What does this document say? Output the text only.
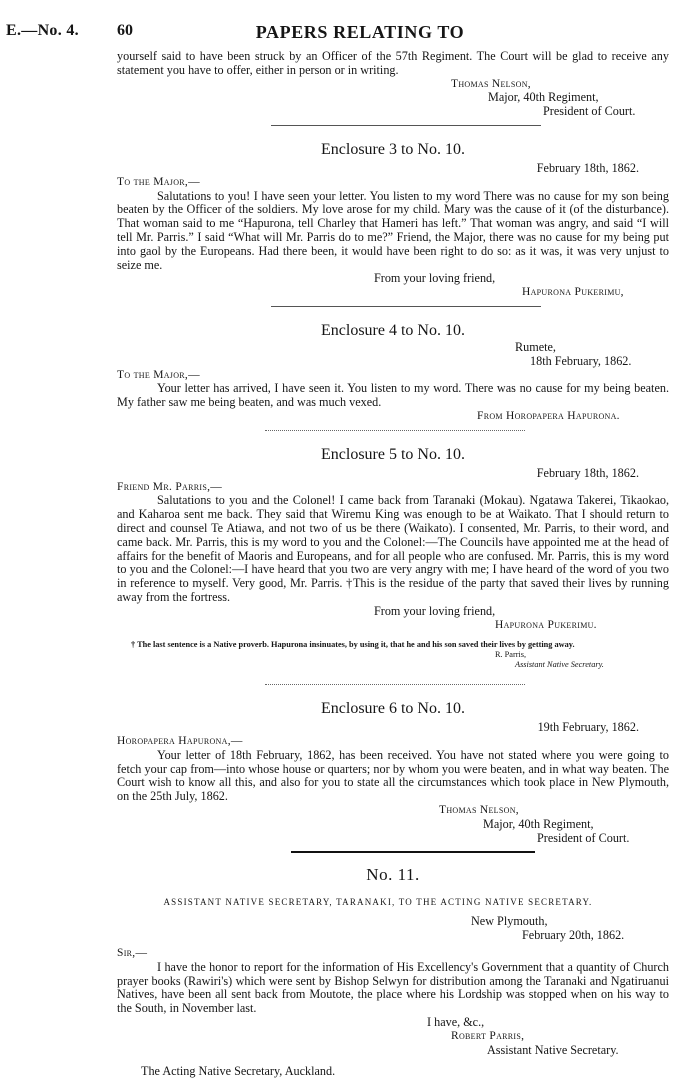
E.—No. 4. 60	PAPERS RELATING TO

yourself said to have been struck by an Officer of the 57th Regiment. The Court will be glad to receive any statement you have to offer, either in person or in writing.

Thomas Nelson,

Major, 40th Regiment,

President of Court.

Enclosure 3 to No. 10.

February 18th, 1862.

To the Major,—

Salutations to you! I have seen your letter. You listen to my word There was no cause for my son being beaten by the Officer of the soldiers. My love arose for my child. Mary was the cause of it (of the disturbance). That woman said to me “Hapurona, tell Charley that Hameri has left.” That woman was angry, and said “I will tell Mr. Parris.” I said “What will Mr. Parris do to me?” Friend, the Major, there was no cause for my being put into gaol by the Europeans. Had there been, it would have been right to do so: as it was, it was very unjust to seize me.

From your loving friend,

Hapurona Pukerimu,

Enclosure 4 to No. 10.

Rumete,

18th February, 1862.

To the Major,—

Your letter has arrived, I have seen it. You listen to my word. There was no cause for my being beaten. My father saw me being beaten, and was much vexed.

From Horopapera Hapurona.

Enclosure 5 to No. 10.

February 18th, 1862.

Friend Mr. Parris,—

Salutations to you and the Colonel! I came back from Taranaki (Mokau). Ngatawa Takerei, Tikaokao, and Kaharoa sent me back. They said that Wiremu King was enough to be at Waikato. That I should return to direct and counsel Te Atiawa, and not two of us be there (Waikato). I consented, Mr. Parris, to their word, and came back. Mr. Parris, this is my word to you and the Colonel:—The Councils have appointed me at the head of affairs for the benefit of Maoris and Europeans, and for all people who are confused. Mr. Parris, this is my word to you and the Colonel:—I have heard that you two are very angry with me; I have heard of the word of you two in reference to myself. Very good, Mr. Parris. †This is the residue of the party that saved their lives by running away from the fortress.

From your loving friend,

Hapurona Pukerimu.

† The last sentence is a Native proverb. Hapurona insinuates, by using it, that he and his son saved their lives by getting away.

R. Parris,

Assistant Native Secretary.

Enclosure 6 to No. 10.

19th February, 1862.

Horopapera Hapurona,—

Your letter of 18th February, 1862, has been received. You have not stated where you were going to fetch your cap from—into whose house or quarters; nor by whom you were beaten, and in what way beaten. The Court wish to know all this, and also for you to state all the circumstances which took place in New Plymouth, on the 25th July, 1862.

Thomas Nelson,

Major, 40th Regiment,

President of Court.

No. 11.
ASSISTANT NATIVE SECRETARY, TARANAKI, TO THE ACTING NATIVE SECRETARY.

New Plymouth,

February 20th, 1862.

Sir,—

I have the honor to report for the information of His Excellency's Government that a quantity of Church prayer books (Rawiri's) which were sent by Bishop Selwyn for distribution among the Taranaki and Ngatiruanui Natives, have been all sent back from Moutote, the place where his Lordship was stopped when on his way to the South, in November last.

I have, &c.,

Robert Parris,

Assistant Native Secretary.

The Acting Native Secretary, Auckland.
